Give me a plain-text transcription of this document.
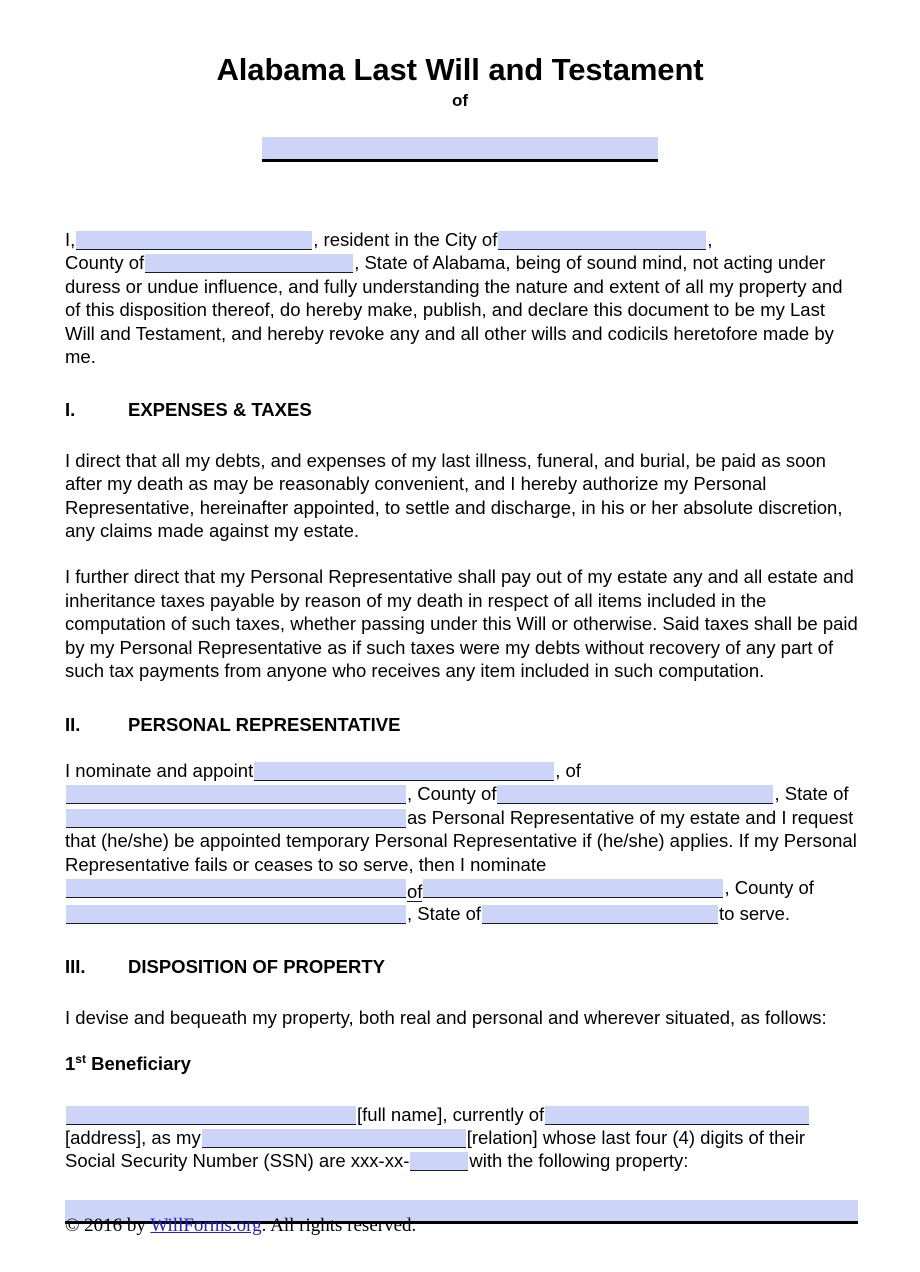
Alabama Last Will and Testament
of

I,	, resident in the City of	,
County of	, State of Alabama, being of sound mind, not acting under duress or undue influence, and fully understanding the nature and extent of all my property and of this disposition thereof, do hereby make, publish, and declare this document to be my Last Will and Testament, and hereby revoke any and all other wills and codicils heretofore made by me.

I.	EXPENSES & TAXES

I direct that all my debts, and expenses of my last illness, funeral, and burial, be paid as soon after my death as may be reasonably convenient, and I hereby authorize my Personal Representative, hereinafter appointed, to settle and discharge, in his or her absolute discretion, any claims made against my estate.

I further direct that my Personal Representative shall pay out of my estate any and all estate and inheritance taxes payable by reason of my death in respect of all items included in the computation of such taxes, whether passing under this Will or otherwise. Said taxes shall be paid by my Personal Representative as if such taxes were my debts without recovery of any part of such tax payments from anyone who receives any item included in such computation.

II.	PERSONAL REPRESENTATIVE

I nominate and appoint	, of
, County of	, State of
as Personal Representative of my estate and I request that (he/she) be appointed temporary Personal Representative if (he/she) applies. If my Personal Representative fails or ceases to so serve, then I nominate
of	, County of
, State of	to serve.

III.	DISPOSITION OF PROPERTY

I devise and bequeath my property, both real and personal and wherever situated, as follows:

1st Beneficiary

[full name], currently of
[address], as my	[relation] whose last four (4) digits of their Social Security Number (SSN) are xxx-xx-	with the following property:

© 2016 by WillForms.org. All rights reserved.
